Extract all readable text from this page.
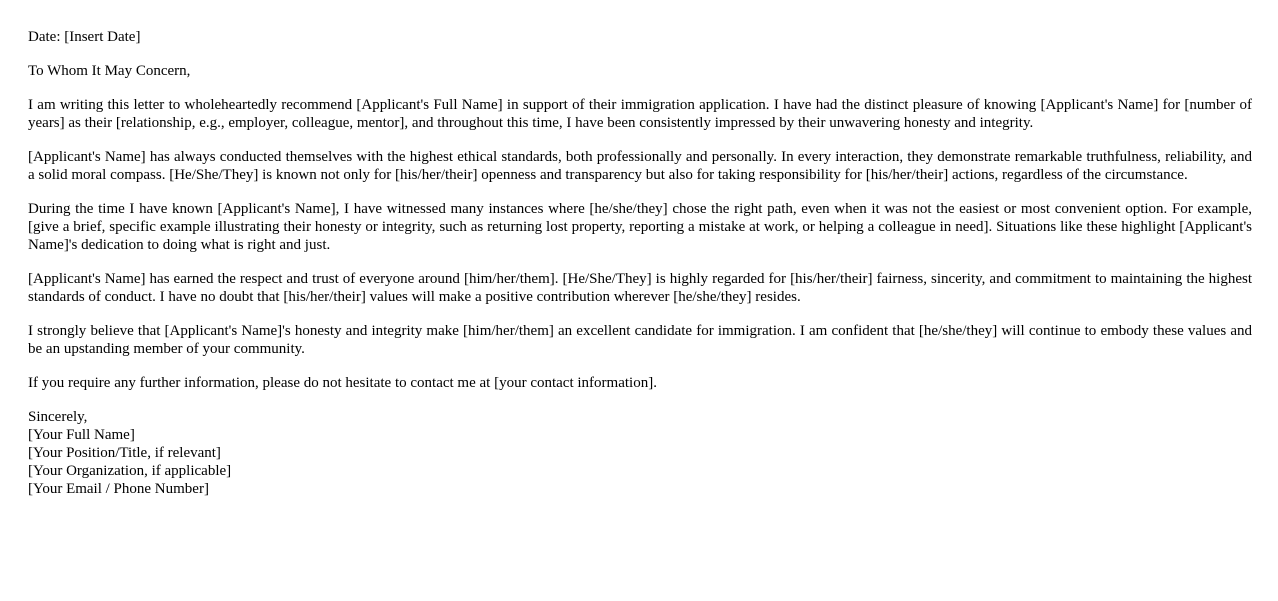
Date: [Insert Date]

To Whom It May Concern,

I am writing this letter to wholeheartedly recommend [Applicant's Full Name] in support of their immigration application. I have had the distinct pleasure of knowing [Applicant's Name] for [number of years] as their [relationship, e.g., employer, colleague, mentor], and throughout this time, I have been consistently impressed by their unwavering honesty and integrity.

[Applicant's Name] has always conducted themselves with the highest ethical standards, both professionally and personally. In every interaction, they demonstrate remarkable truthfulness, reliability, and a solid moral compass. [He/She/They] is known not only for [his/her/their] openness and transparency but also for taking responsibility for [his/her/their] actions, regardless of the circumstance.

During the time I have known [Applicant's Name], I have witnessed many instances where [he/she/they] chose the right path, even when it was not the easiest or most convenient option. For example, [give a brief, specific example illustrating their honesty or integrity, such as returning lost property, reporting a mistake at work, or helping a colleague in need]. Situations like these highlight [Applicant's Name]'s dedication to doing what is right and just.

[Applicant's Name] has earned the respect and trust of everyone around [him/her/them]. [He/She/They] is highly regarded for [his/her/their] fairness, sincerity, and commitment to maintaining the highest standards of conduct. I have no doubt that [his/her/their] values will make a positive contribution wherever [he/she/they] resides.

I strongly believe that [Applicant's Name]'s honesty and integrity make [him/her/them] an excellent candidate for immigration. I am confident that [he/she/they] will continue to embody these values and be an upstanding member of your community.

If you require any further information, please do not hesitate to contact me at [your contact information].

Sincerely,
[Your Full Name]
[Your Position/Title, if relevant]
[Your Organization, if applicable]
[Your Email / Phone Number]
